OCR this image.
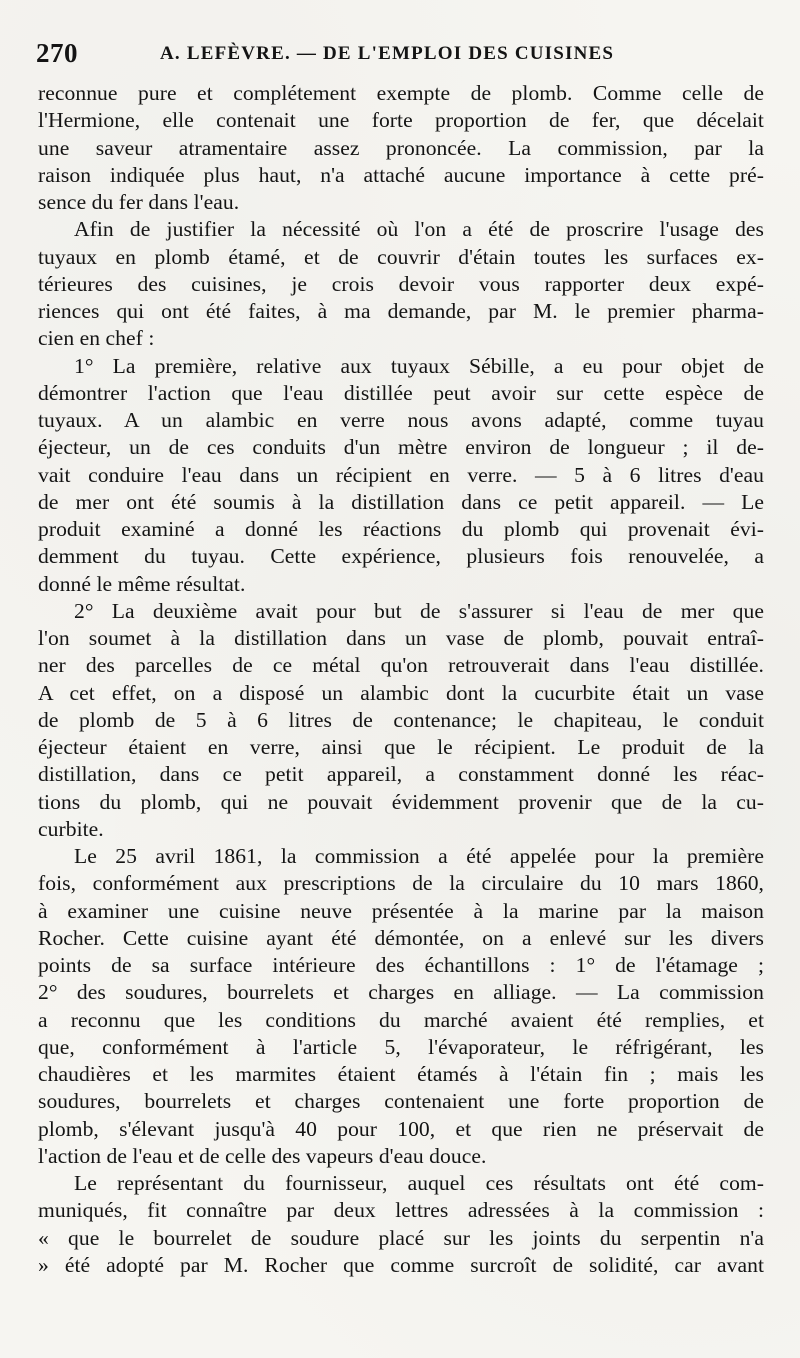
270	A. LEFÈVRE. — DE L'EMPLOI DES CUISINES
reconnue pure et complétement exempte de plomb. Comme celle de
l'Hermione, elle contenait une forte proportion de fer, que décelait
une saveur atramentaire assez prononcée. La commission, par la
raison indiquée plus haut, n'a attaché aucune importance à cette pré-
sence du fer dans l'eau.
Afin de justifier la nécessité où l'on a été de proscrire l'usage des
tuyaux en plomb étamé, et de couvrir d'étain toutes les surfaces ex-
térieures des cuisines, je crois devoir vous rapporter deux expé-
riences qui ont été faites, à ma demande, par M. le premier pharma-
cien en chef :
1° La première, relative aux tuyaux Sébille, a eu pour objet de
démontrer l'action que l'eau distillée peut avoir sur cette espèce de
tuyaux. A un alambic en verre nous avons adapté, comme tuyau
éjecteur, un de ces conduits d'un mètre environ de longueur ; il de-
vait conduire l'eau dans un récipient en verre. — 5 à 6 litres d'eau
de mer ont été soumis à la distillation dans ce petit appareil. — Le
produit examiné a donné les réactions du plomb qui provenait évi-
demment du tuyau. Cette expérience, plusieurs fois renouvelée, a
donné le même résultat.
2° La deuxième avait pour but de s'assurer si l'eau de mer que
l'on soumet à la distillation dans un vase de plomb, pouvait entraî-
ner des parcelles de ce métal qu'on retrouverait dans l'eau distillée.
A cet effet, on a disposé un alambic dont la cucurbite était un vase
de plomb de 5 à 6 litres de contenance; le chapiteau, le conduit
éjecteur étaient en verre, ainsi que le récipient. Le produit de la
distillation, dans ce petit appareil, a constamment donné les réac-
tions du plomb, qui ne pouvait évidemment provenir que de la cu-
curbite.
Le 25 avril 1861, la commission a été appelée pour la première
fois, conformément aux prescriptions de la circulaire du 10 mars 1860,
à examiner une cuisine neuve présentée à la marine par la maison
Rocher. Cette cuisine ayant été démontée, on a enlevé sur les divers
points de sa surface intérieure des échantillons : 1° de l'étamage ;
2° des soudures, bourrelets et charges en alliage. — La commission
a reconnu que les conditions du marché avaient été remplies, et
que, conformément à l'article 5, l'évaporateur, le réfrigérant, les
chaudières et les marmites étaient étamés à l'étain fin ; mais les
soudures, bourrelets et charges contenaient une forte proportion de
plomb, s'élevant jusqu'à 40 pour 100, et que rien ne préservait de
l'action de l'eau et de celle des vapeurs d'eau douce.
Le représentant du fournisseur, auquel ces résultats ont été com-
muniqués, fit connaître par deux lettres adressées à la commission :
« que le bourrelet de soudure placé sur les joints du serpentin n'a
» été adopté par M. Rocher que comme surcroît de solidité, car avant
